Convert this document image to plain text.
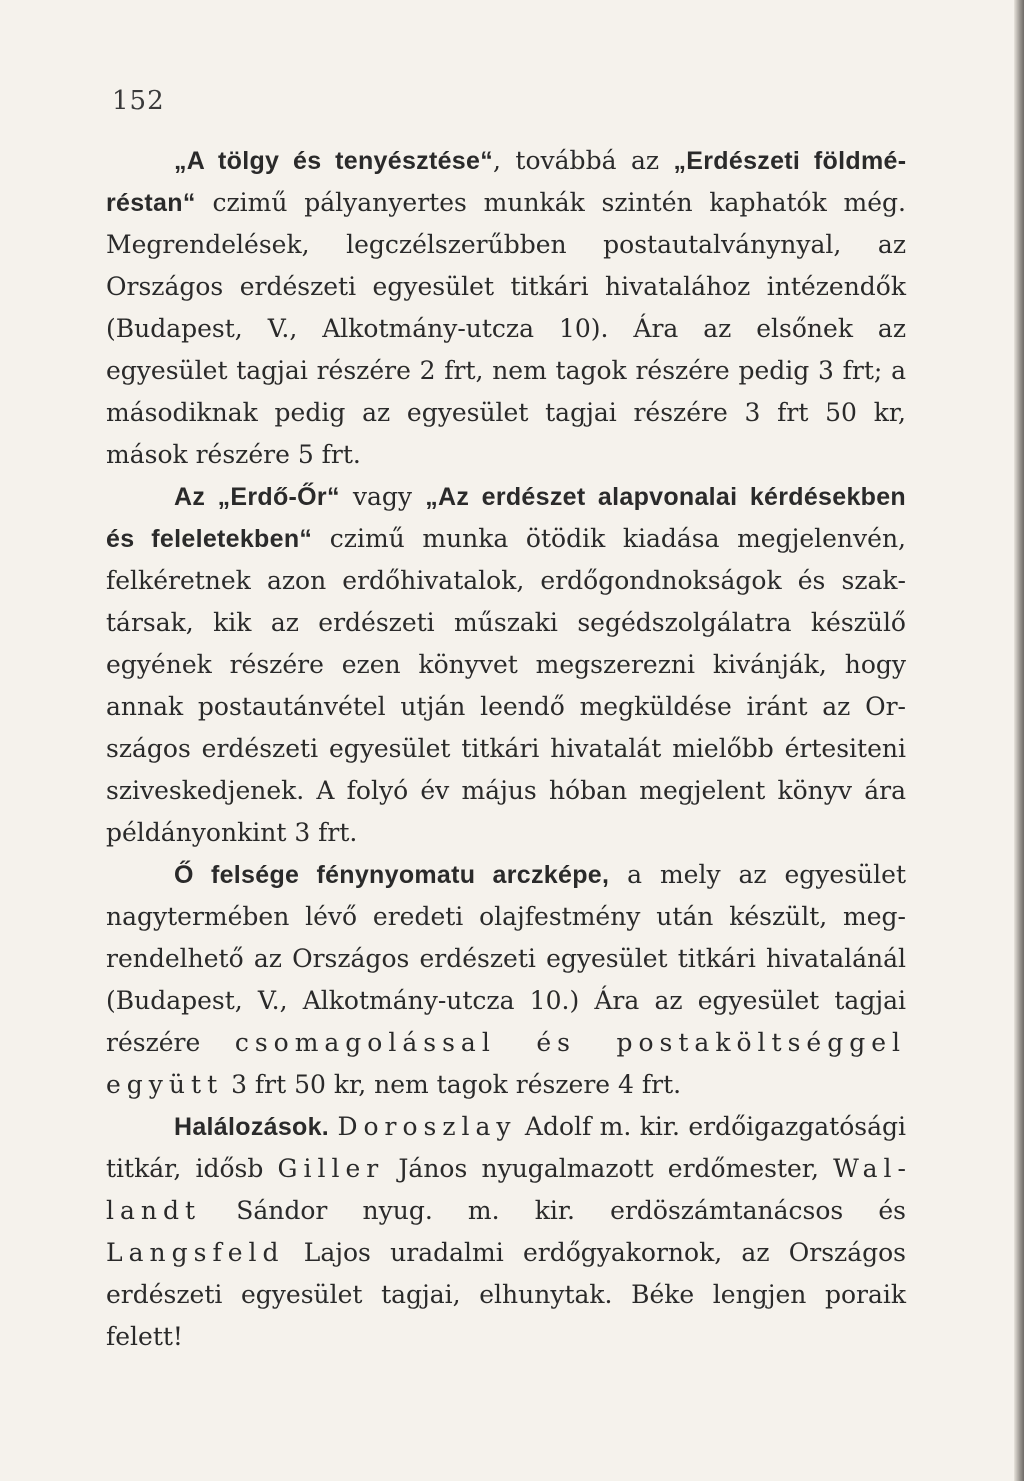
152

„A tölgy és tenyésztése“, továbbá az „Erdészeti földméréstan“ czimű pályanyertes munkák szintén kaphatók még. Megrendelések, legczélszerűbben postautalványnyal, az Országos erdészeti egyesület titkári hivatalához intézendők (Budapest, V., Alkotmány-utcza 10). Ára az elsőnek az egyesület tagjai részére 2 frt, nem tagok részére pedig 3 frt; a másodiknak pedig az egyesület tagjai részére 3 frt 50 kr, mások részére 5 frt.

Az „Erdő-Őr“ vagy „Az erdészet alapvonalai kérdésekben és feleletekben“ czimű munka ötödik kiadása megjelenvén, felkéretnek azon erdőhivatalok, erdőgondnokságok és szaktársak, kik az erdészeti műszaki segédszolgálatra készülő egyének részére ezen könyvet megszerezni kivánják, hogy annak postautánvétel utján leendő megküldése iránt az Országos erdészeti egyesület titkári hivatalát mielőbb értesiteni sziveskedjenek. A folyó év május hóban megjelent könyv ára példányonkint 3 frt.

Ő felsége fénynyomatu arczképe, a mely az egyesület nagytermében lévő eredeti olajfestmény után készült, megrendelhető az Országos erdészeti egyesület titkári hivatalánál (Budapest, V., Alkotmány-utcza 10.) Ára az egyesület tagjai részére csomagolással és postaköltséggel együtt 3 frt 50 kr, nem tagok részere 4 frt.

Halálozások. Doroszlay Adolf m. kir. erdőigazgatósági titkár, idősb Giller János nyugalmazott erdőmester, Wallandt Sándor nyug. m. kir. erdöszámtanácsos és Langsfeld Lajos uradalmi erdőgyakornok, az Országos erdészeti egyesület tagjai, elhunytak. Béke lengjen poraik felett!
